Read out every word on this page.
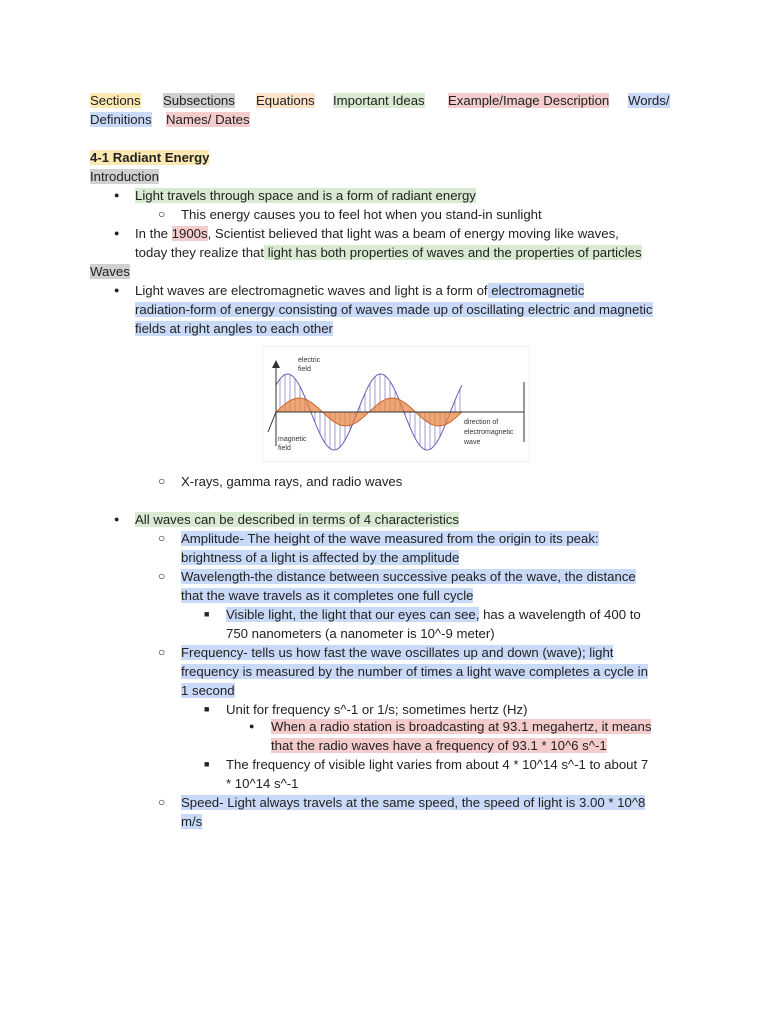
Sections Subsections Equations Important Ideas Example/Image Description Words/
Definitions Names/ Dates
4-1 Radiant Energy
Introduction
● Light travels through space and is a form of radiant energy
○ This energy causes you to feel hot when you stand-in sunlight
● In the 1900s, Scientist believed that light was a beam of energy moving like waves,
today they realize that light has both properties of waves and the properties of particles
Waves
● Light waves are electromagnetic waves and light is a form of electromagnetic
radiation-form of energy consisting of waves made up of oscillating electric and magnetic
fields at right angles to each other
electric
field
magnetic
field
direction of
electromagnetic
wave
○ X-rays, gamma rays, and radio waves
● All waves can be described in terms of 4 characteristics
○ Amplitude- The height of the wave measured from the origin to its peak:
brightness of a light is affected by the amplitude
○ Wavelength-the distance between successive peaks of the wave, the distance
that the wave travels as it completes one full cycle
■ Visible light, the light that our eyes can see, has a wavelength of 400 to
750 nanometers (a nanometer is 10^-9 meter)
○ Frequency- tells us how fast the wave oscillates up and down (wave); light
frequency is measured by the number of times a light wave completes a cycle in
1 second
■ Unit for frequency s^-1 or 1/s; sometimes hertz (Hz)
● When a radio station is broadcasting at 93.1 megahertz, it means
that the radio waves have a frequency of 93.1 * 10^6 s^-1
■ The frequency of visible light varies from about 4 * 10^14 s^-1 to about 7
* 10^14 s^-1
○ Speed- Light always travels at the same speed, the speed of light is 3.00 * 10^8
m/s
